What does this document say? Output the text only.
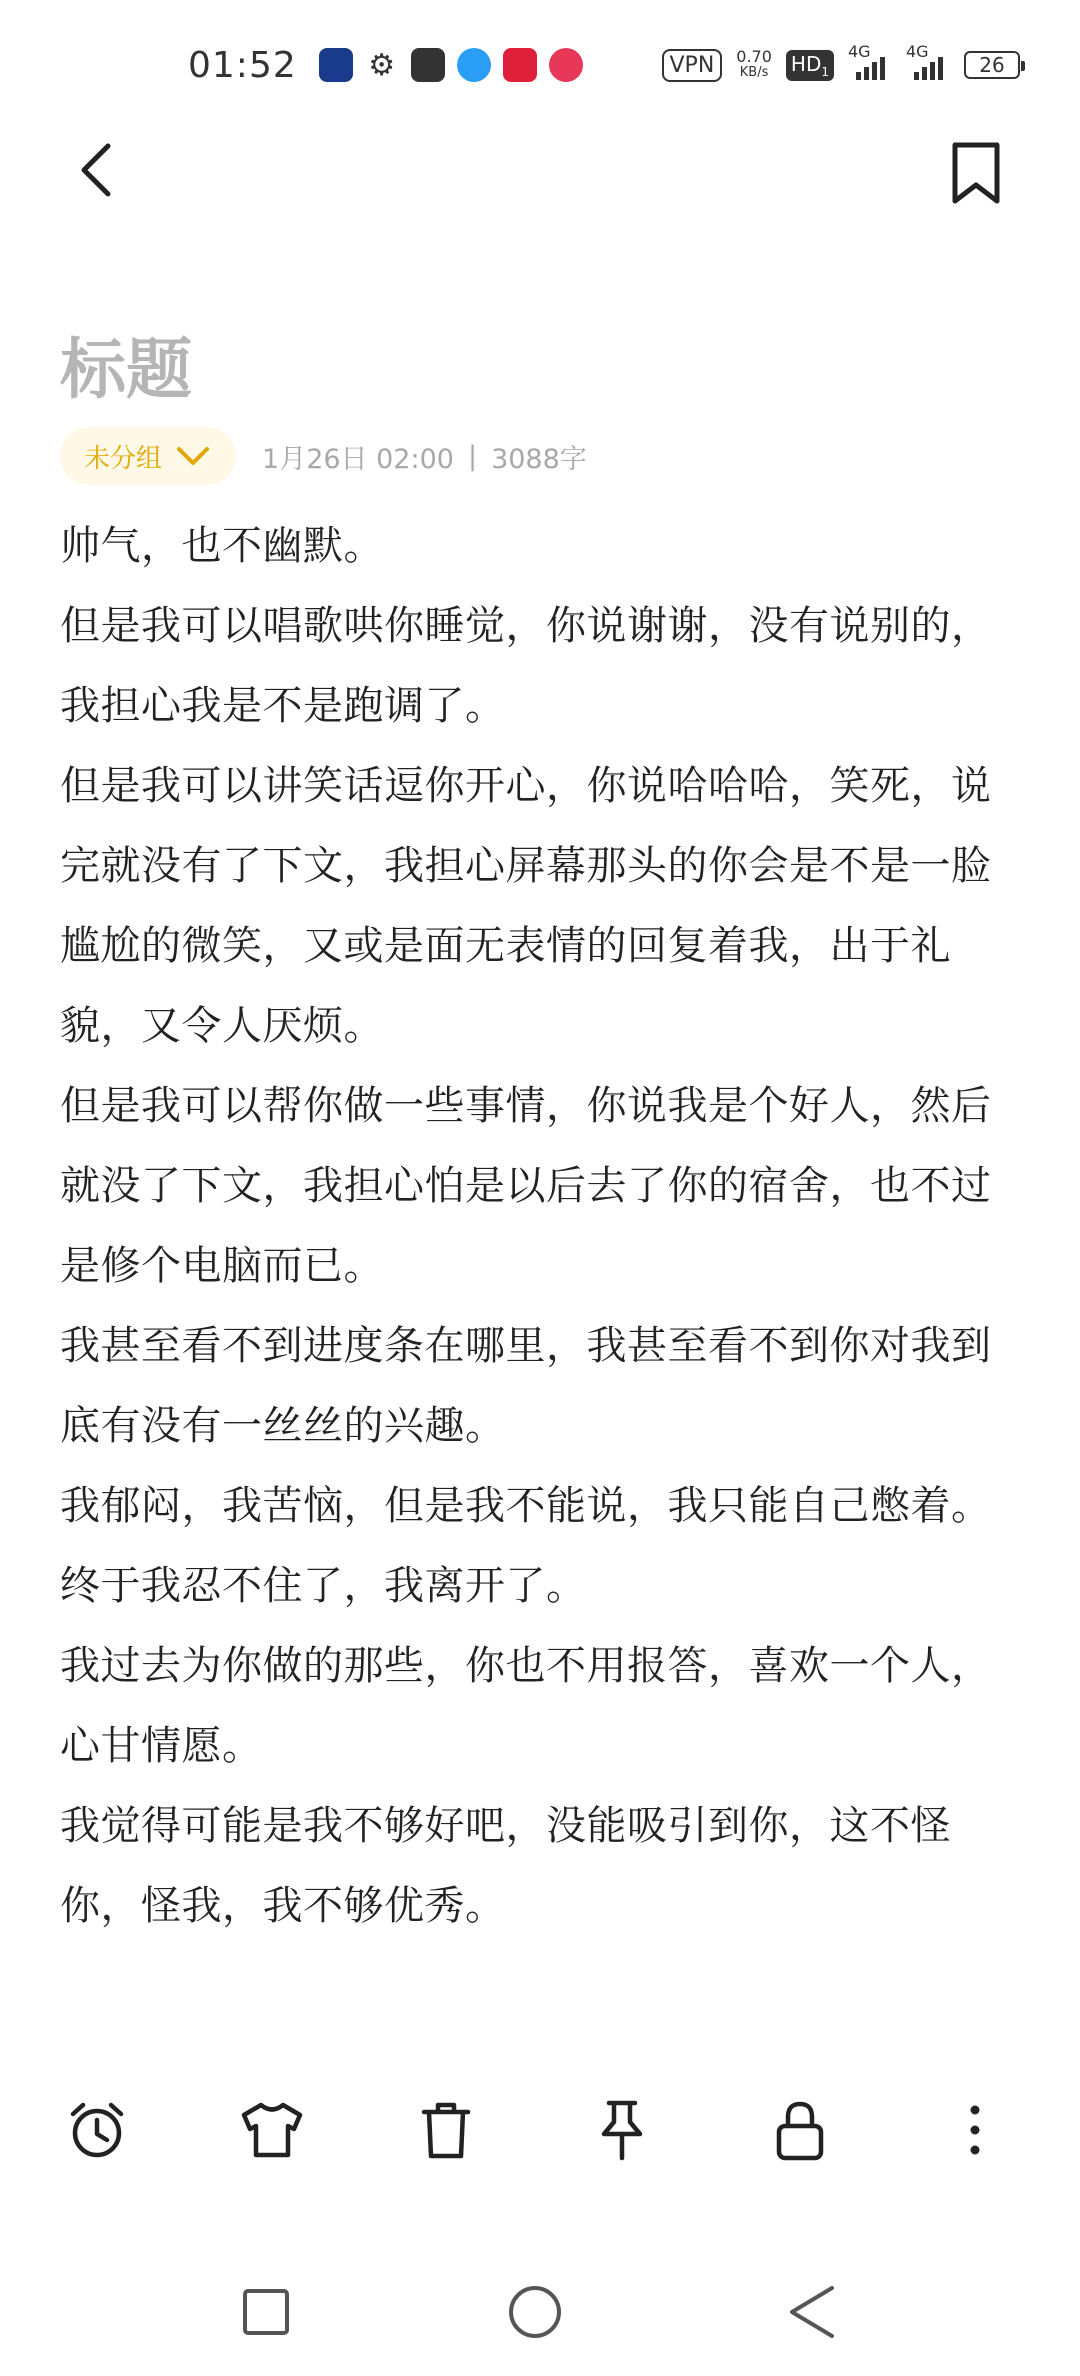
01:52 ⚙	VPN	0.70
KB/s $HD_1$
4G 4G
26
标题
未分组	1月26日 02:00 | 3088字

帅气，也不幽默。

但是我可以唱歌哄你睡觉，你说谢谢，没有说别的，我担心我是不是跑调了。

但是我可以讲笑话逗你开心，你说哈哈哈，笑死，说完就没有了下文，我担心屏幕那头的你会是不是一脸尴尬的微笑，又或是面无表情的回复着我，出于礼貌，又令人厌烦。

但是我可以帮你做一些事情，你说我是个好人，然后就没了下文，我担心怕是以后去了你的宿舍，也不过是修个电脑而已。

我甚至看不到进度条在哪里，我甚至看不到你对我到底有没有一丝丝的兴趣。

我郁闷，我苦恼，但是我不能说，我只能自己憋着。

终于我忍不住了，我离开了。

我过去为你做的那些，你也不用报答，喜欢一个人，心甘情愿。

我觉得可能是我不够好吧，没能吸引到你，这不怪你，怪我，我不够优秀。
